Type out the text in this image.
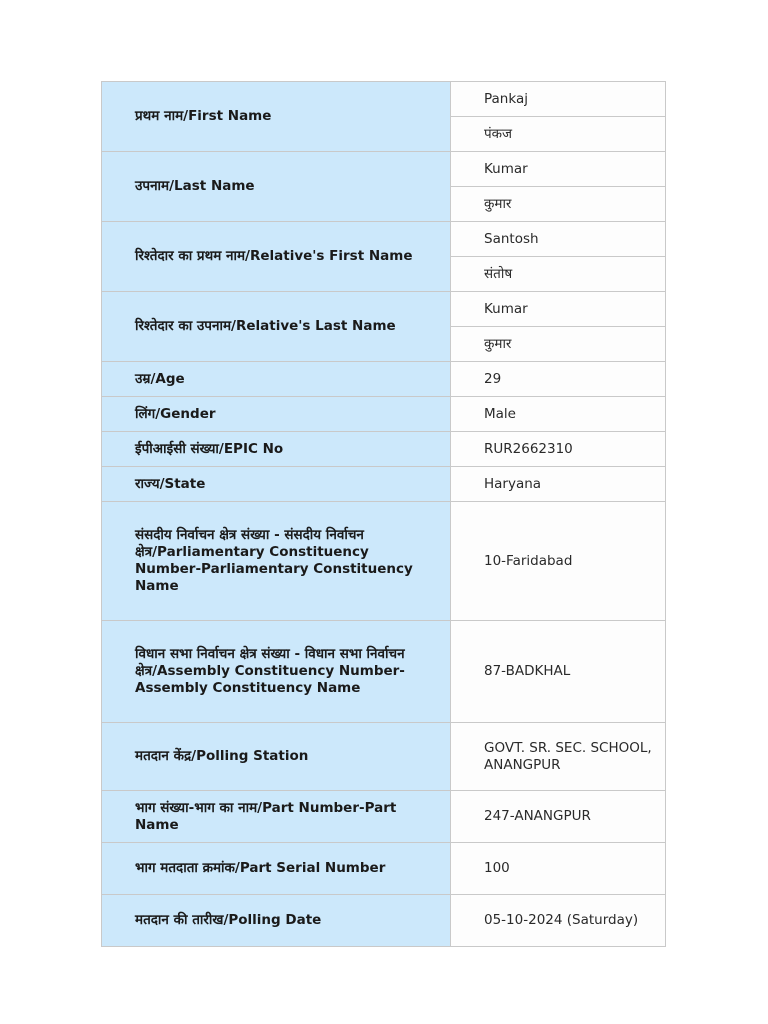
प्रथम नाम/First Name	Pankaj
	पंकज
उपनाम/Last Name	Kumar
	कुमार
रिश्तेदार का प्रथम नाम/Relative's First Name	Santosh
	संतोष
रिश्तेदार का उपनाम/Relative's Last Name	Kumar
	कुमार
उम्र/Age	29
लिंग/Gender	Male
ईपीआईसी संख्या/EPIC No	RUR2662310
राज्य/State	Haryana
संसदीय निर्वाचन क्षेत्र संख्या - संसदीय निर्वाचन क्षेत्र/Parliamentary Constituency Number-Parliamentary Constituency Name	10-Faridabad
विधान सभा निर्वाचन क्षेत्र संख्या - विधान सभा निर्वाचन क्षेत्र/Assembly Constituency Number-Assembly Constituency Name	87-BADKHAL
मतदान केंद्र/Polling Station	GOVT. SR. SEC. SCHOOL, ANANGPUR
भाग संख्या-भाग का नाम/Part Number-Part Name	247-ANANGPUR
भाग मतदाता क्रमांक/Part Serial Number	100
मतदान की तारीख/Polling Date	05-10-2024 (Saturday)
